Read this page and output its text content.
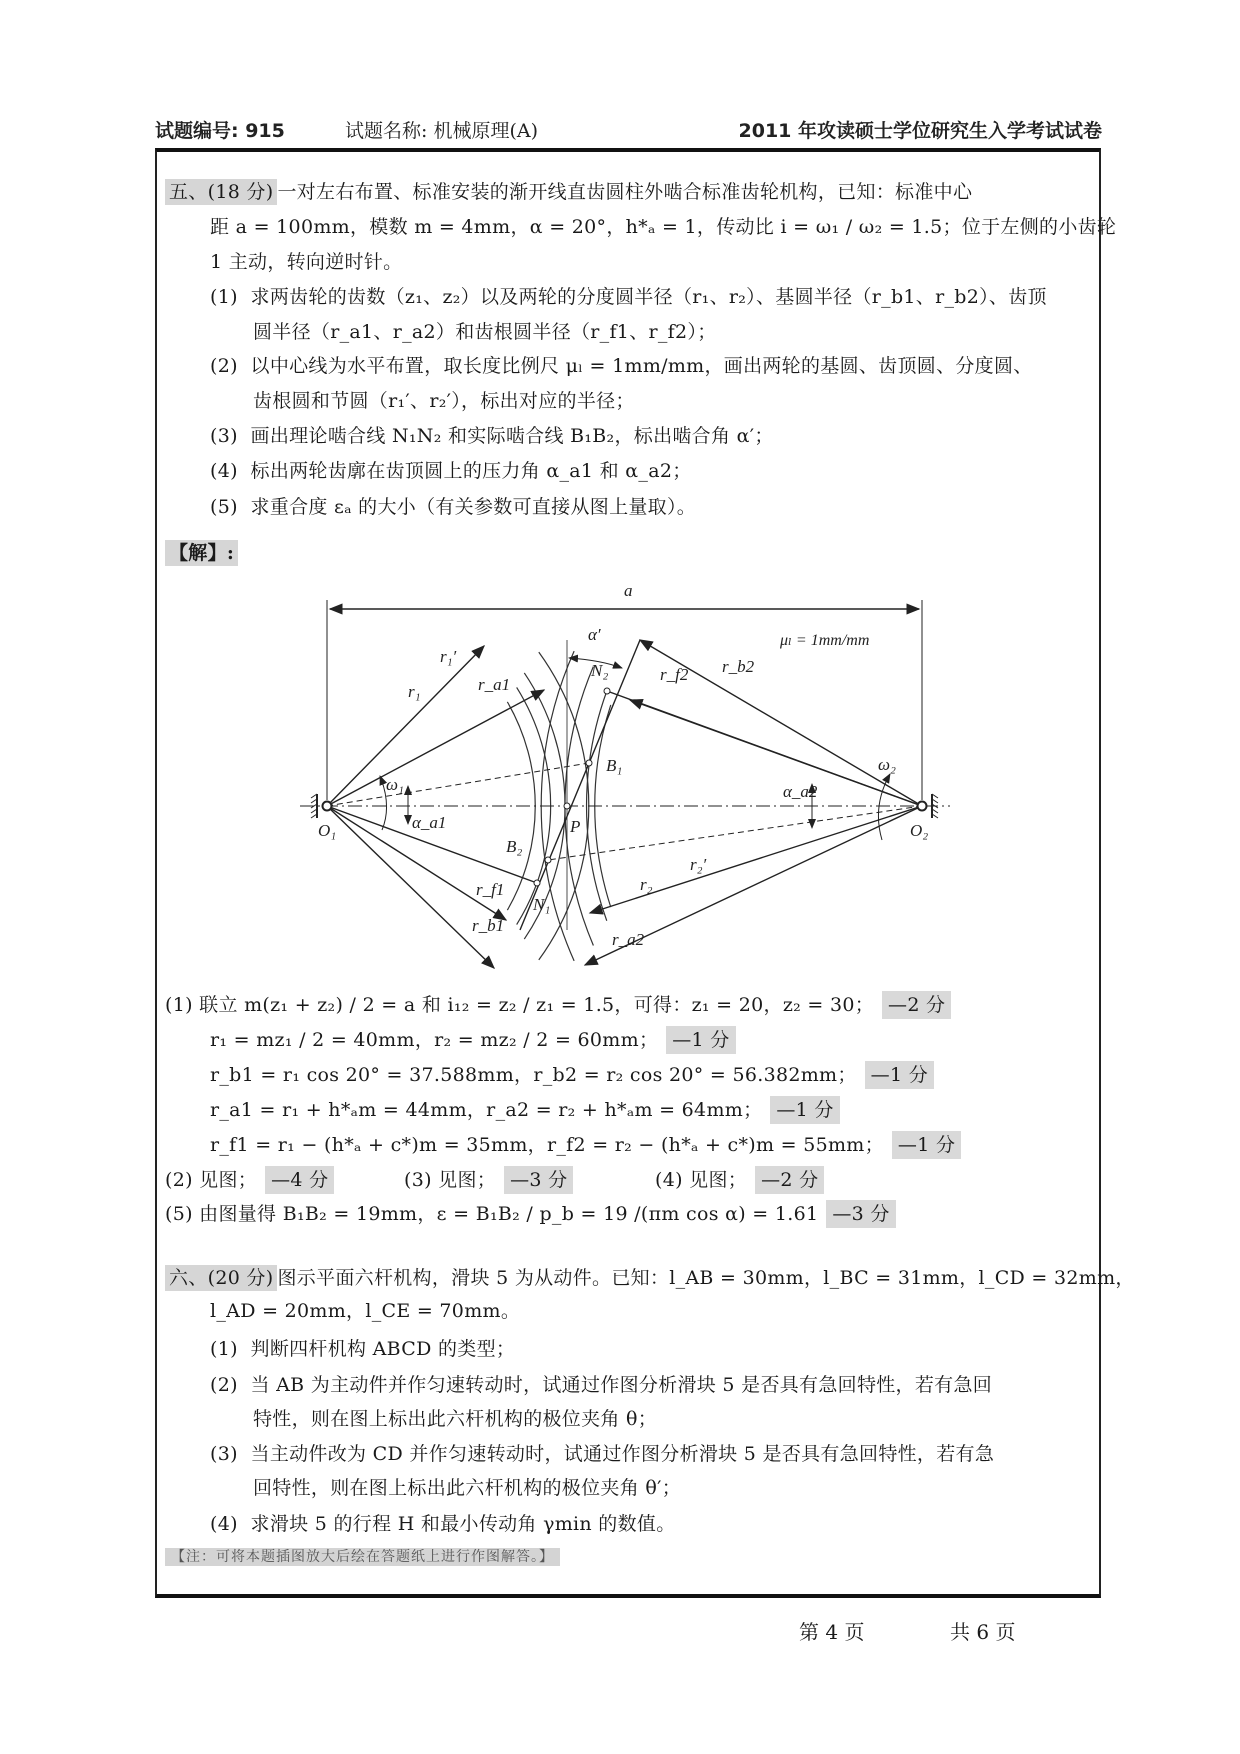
试题编号: 915	试题名称: 机械原理(A)	2011 年攻读硕士学位研究生入学考试试卷
五、(18 分) 一对左右布置、标准安装的渐开线直齿圆柱外啮合标准齿轮机构，已知：标准中心
距 a = 100mm，模数 m = 4mm，α = 20°，h*ₐ = 1，传动比 i = ω₁ / ω₂ = 1.5；位于左侧的小齿轮
1 主动，转向逆时针。
(1) 求两齿轮的齿数（z₁、z₂）以及两轮的分度圆半径（r₁、r₂）、基圆半径（r_b1、r_b2）、齿顶
圆半径（r_a1、r_a2）和齿根圆半径（r_f1、r_f2）；
(2) 以中心线为水平布置，取长度比例尺 μₗ = 1mm/mm，画出两轮的基圆、齿顶圆、分度圆、
齿根圆和节圆（r₁′、r₂′），标出对应的半径；
(3) 画出理论啮合线 N₁N₂ 和实际啮合线 B₁B₂，标出啮合角 α′；
(4) 标出两轮齿廓在齿顶圆上的压力角 α_a1 和 α_a2；
(5) 求重合度 εₐ 的大小（有关参数可直接从图上量取）。
【解】:
a
μₗ = 1mm/mm
α′
O₁	O₂
P
N₁
N₂
B₁
B₂
r₁′
r₁	r_a1
r_f1
r_b1
r₂′
r₂
r_a2
r_f2 r_b2
ω₁
ω₂
α_a1
α_a2
(1) 联立 m(z₁ + z₂) / 2 = a 和 i₁₂ = z₂ / z₁ = 1.5，可得：z₁ = 20，z₂ = 30； —2 分
r₁ = mz₁ / 2 = 40mm，r₂ = mz₂ / 2 = 60mm； —1 分
r_b1 = r₁ cos 20° = 37.588mm，r_b2 = r₂ cos 20° = 56.382mm； —1 分
r_a1 = r₁ + h*ₐm = 44mm，r_a2 = r₂ + h*ₐm = 64mm； —1 分
r_f1 = r₁ − (h*ₐ + c*)m = 35mm，r_f2 = r₂ − (h*ₐ + c*)m = 55mm； —1 分
(2) 见图； —4 分	(3) 见图； —3 分	(4) 见图； —2 分
(5) 由图量得 B₁B₂ = 19mm，ε = B₁B₂ / p_b = 19 /(πm cos α) = 1.61 —3 分
六、(20 分) 图示平面六杆机构，滑块 5 为从动件。已知：l_AB = 30mm，l_BC = 31mm，l_CD = 32mm，
l_AD = 20mm，l_CE = 70mm。
(1) 判断四杆机构 ABCD 的类型；
(2) 当 AB 为主动件并作匀速转动时，试通过作图分析滑块 5 是否具有急回特性，若有急回
特性，则在图上标出此六杆机构的极位夹角 θ；
(3) 当主动件改为 CD 并作匀速转动时，试通过作图分析滑块 5 是否具有急回特性，若有急
回特性，则在图上标出此六杆机构的极位夹角 θ′；
(4) 求滑块 5 的行程 H 和最小传动角 γmin 的数值。
【注：可将本题插图放大后绘在答题纸上进行作图解答。】
第 4 页	共 6 页
